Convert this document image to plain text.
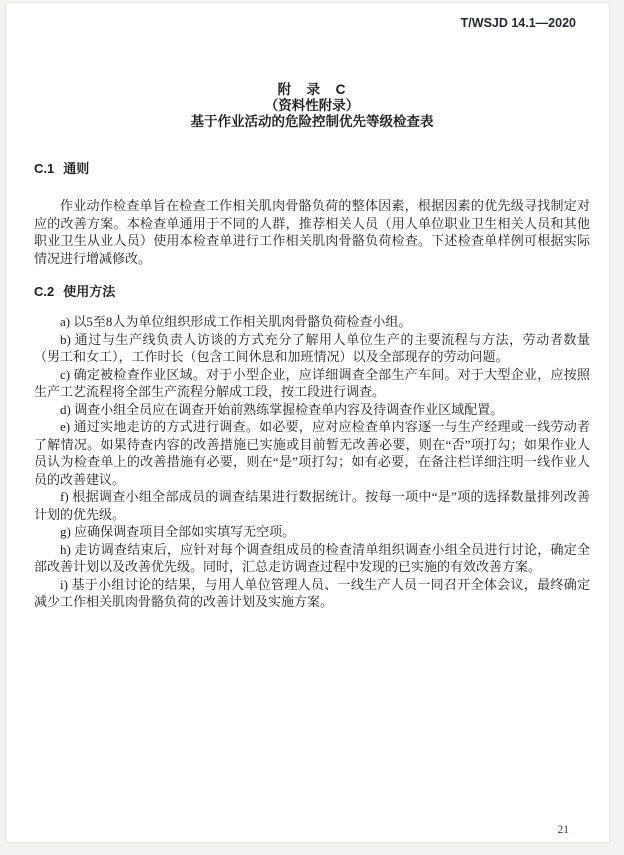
T/WSJD 14.1—2020
附　录　C
（资料性附录）
基于作业活动的危险控制优先等级检查表
C.1 通则

作业动作检查单旨在检查工作相关肌肉骨骼负荷的整体因素，根据因素的优先级寻找制定对应的改善方案。本检查单通用于不同的人群，推荐相关人员（用人单位职业卫生相关人员和其他职业卫生从业人员）使用本检查单进行工作相关肌肉骨骼负荷检查。下述检查单样例可根据实际情况进行增减修改。

C.2 使用方法

a) 以5至8人为单位组织形成工作相关肌肉骨骼负荷检查小组。

b) 通过与生产线负责人访谈的方式充分了解用人单位生产的主要流程与方法，劳动者数量（男工和女工），工作时长（包含工间休息和加班情况）以及全部现存的劳动问题。

c) 确定被检查作业区域。对于小型企业，应详细调查全部生产车间。对于大型企业，应按照生产工艺流程将全部生产流程分解成工段，按工段进行调查。

d) 调查小组全员应在调查开始前熟练掌握检查单内容及待调查作业区域配置。

e) 通过实地走访的方式进行调查。如必要，应对应检查单内容逐一与生产经理或一线劳动者了解情况。如果待查内容的改善措施已实施或目前暂无改善必要，则在“否”项打勾；如果作业人员认为检查单上的改善措施有必要，则在“是”项打勾；如有必要，在备注栏详细注明一线作业人员的改善建议。

f) 根据调查小组全部成员的调查结果进行数据统计。按每一项中“是”项的选择数量排列改善计划的优先级。

g) 应确保调查项目全部如实填写无空项。

h) 走访调查结束后，应针对每个调查组成员的检查清单组织调查小组全员进行讨论，确定全部改善计划以及改善优先级。同时，汇总走访调查过程中发现的已实施的有效改善方案。

i) 基于小组讨论的结果，与用人单位管理人员、一线生产人员一同召开全体会议，最终确定减少工作相关肌肉骨骼负荷的改善计划及实施方案。

21
